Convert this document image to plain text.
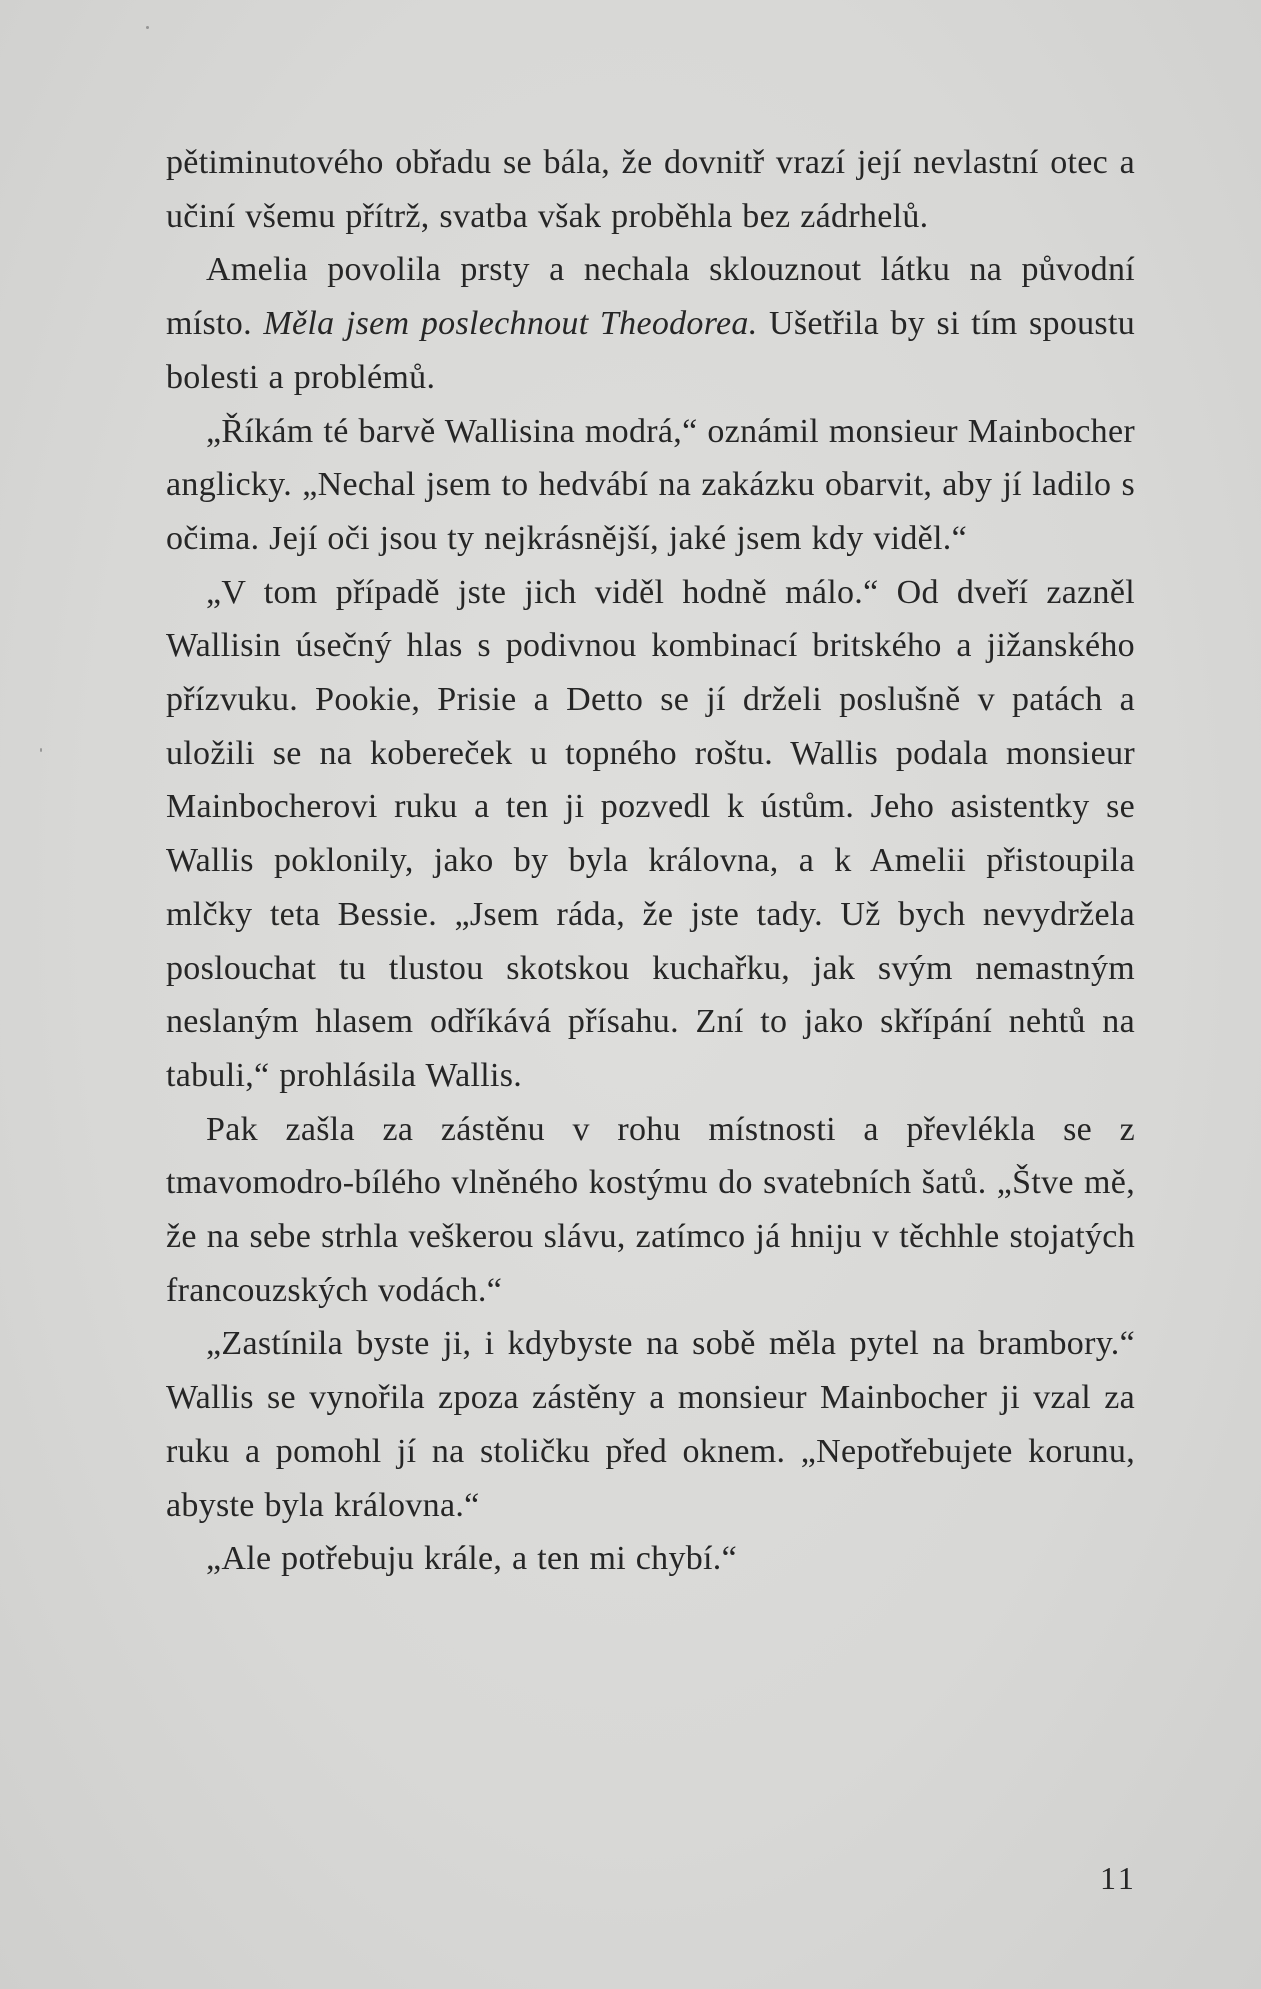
pětiminutového obřadu se bála, že dovnitř vrazí její nevlastní otec a učiní všemu přítrž, svatba však proběhla bez zádrhelů.

Amelia povolila prsty a nechala sklouznout látku na původní místo. Měla jsem poslechnout Theodorea. Ušetřila by si tím spoustu bolesti a problémů.

„Říkám té barvě Wallisina modrá,“ oznámil monsieur Mainbocher anglicky. „Nechal jsem to hedvábí na zakázku obarvit, aby jí ladilo s očima. Její oči jsou ty nejkrásnější, jaké jsem kdy viděl.“

„V tom případě jste jich viděl hodně málo.“ Od dveří zazněl Wallisin úsečný hlas s podivnou kombinací britského a jižanského přízvuku. Pookie, Prisie a Detto se jí drželi poslušně v patách a uložili se na kobereček u topného roštu. Wallis podala monsieur Mainbocherovi ruku a ten ji pozvedl k ústům. Jeho asistentky se Wallis poklonily, jako by byla královna, a k Amelii přistoupila mlčky teta Bessie. „Jsem ráda, že jste tady. Už bych nevydržela poslouchat tu tlustou skotskou kuchařku, jak svým nemastným neslaným hlasem odříkává přísahu. Zní to jako skřípání nehtů na tabuli,“ prohlásila Wallis.

Pak zašla za zástěnu v rohu místnosti a převlékla se z tmavomodro-bílého vlněného kostýmu do svatebních šatů. „Štve mě, že na sebe strhla veškerou slávu, zatímco já hniju v těchhle stojatých francouzských vodách.“

„Zastínila byste ji, i kdybyste na sobě měla pytel na brambory.“ Wallis se vynořila zpoza zástěny a monsieur Mainbocher ji vzal za ruku a pomohl jí na stoličku před oknem. „Nepotřebujete korunu, abyste byla královna.“

„Ale potřebuju krále, a ten mi chybí.“

11
